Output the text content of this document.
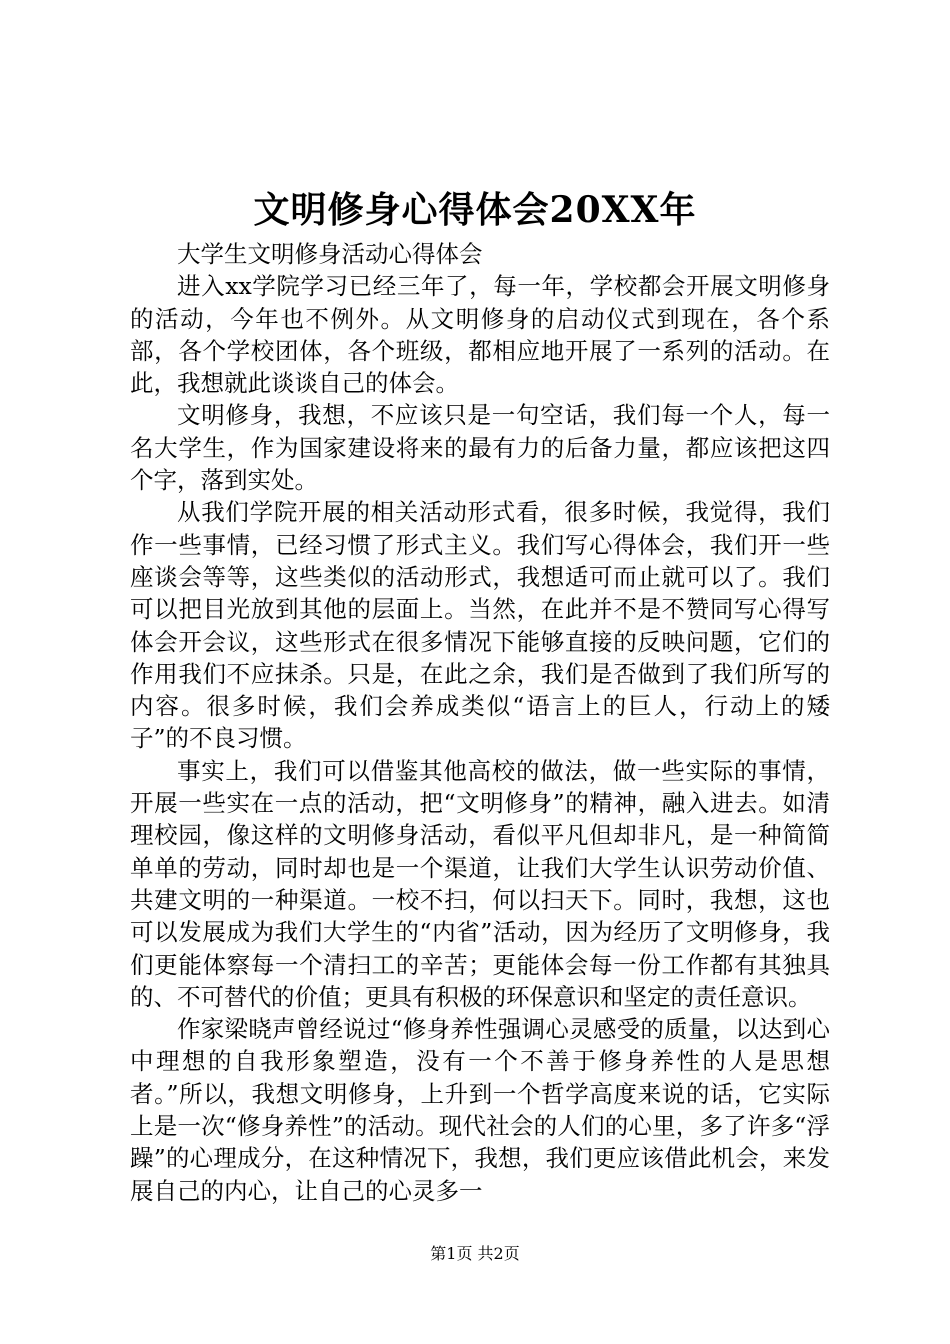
文明修身心得体会20XX年

大学生文明修身活动心得体会

进入xx学院学习已经三年了，每一年，学校都会开展文明修身的活动，今年也不例外。从文明修身的启动仪式到现在，各个系部，各个学校团体，各个班级，都相应地开展了一系列的活动。在此，我想就此谈谈自己的体会。

文明修身，我想，不应该只是一句空话，我们每一个人，每一名大学生，作为国家建设将来的最有力的后备力量，都应该把这四个字，落到实处。

从我们学院开展的相关活动形式看，很多时候，我觉得，我们作一些事情，已经习惯了形式主义。我们写心得体会，我们开一些座谈会等等，这些类似的活动形式，我想适可而止就可以了。我们可以把目光放到其他的层面上。当然，在此并不是不赞同写心得写体会开会议，这些形式在很多情况下能够直接的反映问题，它们的作用我们不应抹杀。只是，在此之余，我们是否做到了我们所写的内容。很多时候，我们会养成类似“语言上的巨人，行动上的矮子”的不良习惯。

事实上，我们可以借鉴其他高校的做法，做一些实际的事情，开展一些实在一点的活动，把“文明修身”的精神，融入进去。如清理校园，像这样的文明修身活动，看似平凡但却非凡，是一种简简单单的劳动，同时却也是一个渠道，让我们大学生认识劳动价值、共建文明的一种渠道。一校不扫，何以扫天下。同时，我想，这也可以发展成为我们大学生的“内省”活动，因为经历了文明修身，我们更能体察每一个清扫工的辛苦；更能体会每一份工作都有其独具的、不可替代的价值；更具有积极的环保意识和坚定的责任意识。

作家梁晓声曾经说过“修身养性强调心灵感受的质量，以达到心中理想的自我形象塑造，没有一个不善于修身养性的人是思想者。”所以，我想文明修身，上升到一个哲学高度来说的话，它实际上是一次“修身养性”的活动。现代社会的人们的心里，多了许多“浮躁”的心理成分，在这种情况下，我想，我们更应该借此机会，来发展自己的内心，让自己的心灵多一

第1页 共2页
